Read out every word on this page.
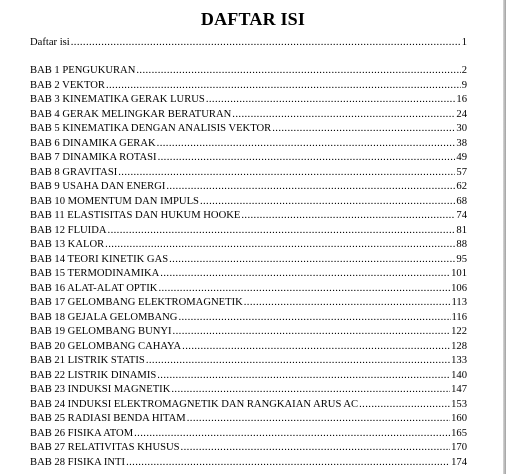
DAFTAR ISI
Daftar isi .....	1
BAB 1 PENGUKURAN .....	2
BAB 2 VEKTOR .....	9
BAB 3 KINEMATIKA GERAK LURUS .....	16
BAB 4 GERAK MELINGKAR BERATURAN .....	24
BAB 5 KINEMATIKA DENGAN ANALISIS VEKTOR .....	30
BAB 6 DINAMIKA GERAK .....	38
BAB 7 DINAMIKA ROTASI .....	49
BAB 8 GRAVITASI .....	57
BAB 9 USAHA DAN ENERGI .....	62
BAB 10 MOMENTUM DAN IMPULS .....	68
BAB 11 ELASTISITAS DAN HUKUM HOOKE .....	74
BAB 12 FLUIDA .....	81
BAB 13 KALOR .....	88
BAB 14 TEORI KINETIK GAS .....	95
BAB 15 TERMODINAMIKA .....	101
BAB 16 ALAT-ALAT OPTIK .....	106
BAB 17 GELOMBANG ELEKTROMAGNETIK .....	113
BAB 18 GEJALA GELOMBANG .....	116
BAB 19 GELOMBANG BUNYI .....	122
BAB 20 GELOMBANG CAHAYA .....	128
BAB 21 LISTRIK STATIS .....	133
BAB 22 LISTRIK DINAMIS .....	140
BAB 23 INDUKSI MAGNETIK .....	147
BAB 24 INDUKSI ELEKTROMAGNETIK DAN RANGKAIAN ARUS AC .....	153
BAB 25 RADIASI BENDA HITAM .....	160
BAB 26 FISIKA ATOM .....	165
BAB 27 RELATIVITAS KHUSUS .....	170
BAB 28 FISIKA INTI .....	174
